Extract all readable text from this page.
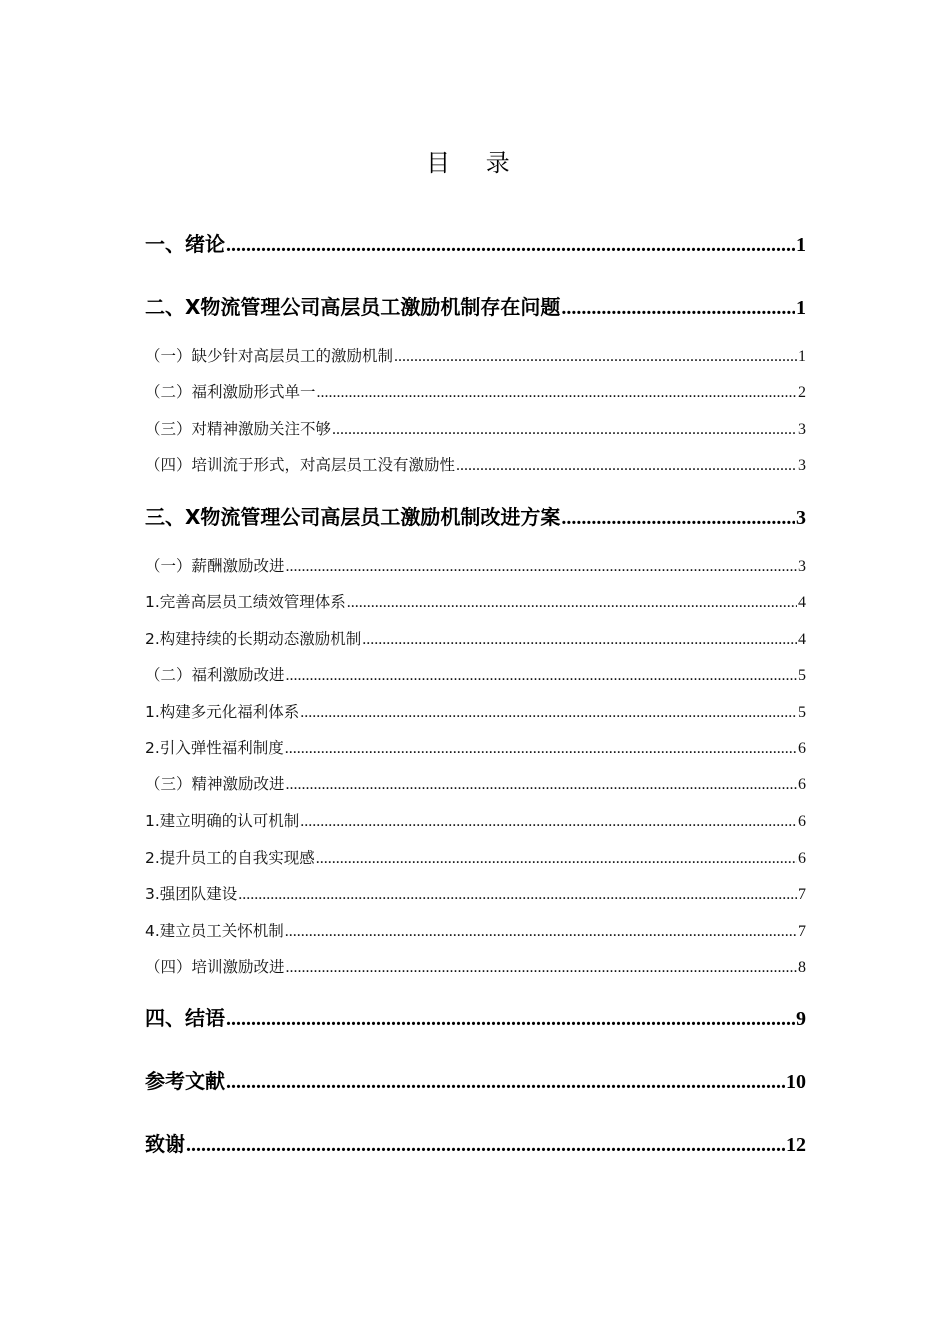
目 录
一、绪论 .....	1
二、X物流管理公司高层员工激励机制存在问题 .....	1
（一）缺少针对高层员工的激励机制 .....	1
（二）福利激励形式单一 .....	2
（三）对精神激励关注不够 .....	3
（四）培训流于形式，对高层员工没有激励性 .....	3
三、X物流管理公司高层员工激励机制改进方案 .....	3
（一）薪酬激励改进 .....	3
1.完善高层员工绩效管理体系 .....	4
2.构建持续的长期动态激励机制 .....	4
（二）福利激励改进 .....	5
1.构建多元化福利体系 .....	5
2.引入弹性福利制度 .....	6
（三）精神激励改进 .....	6
1.建立明确的认可机制 .....	6
2.提升员工的自我实现感 .....	6
3.强团队建设 .....	7
4.建立员工关怀机制 .....	7
（四）培训激励改进 .....	8
四、结语 .....	9
参考文献 .....	10
致谢 .....	12
